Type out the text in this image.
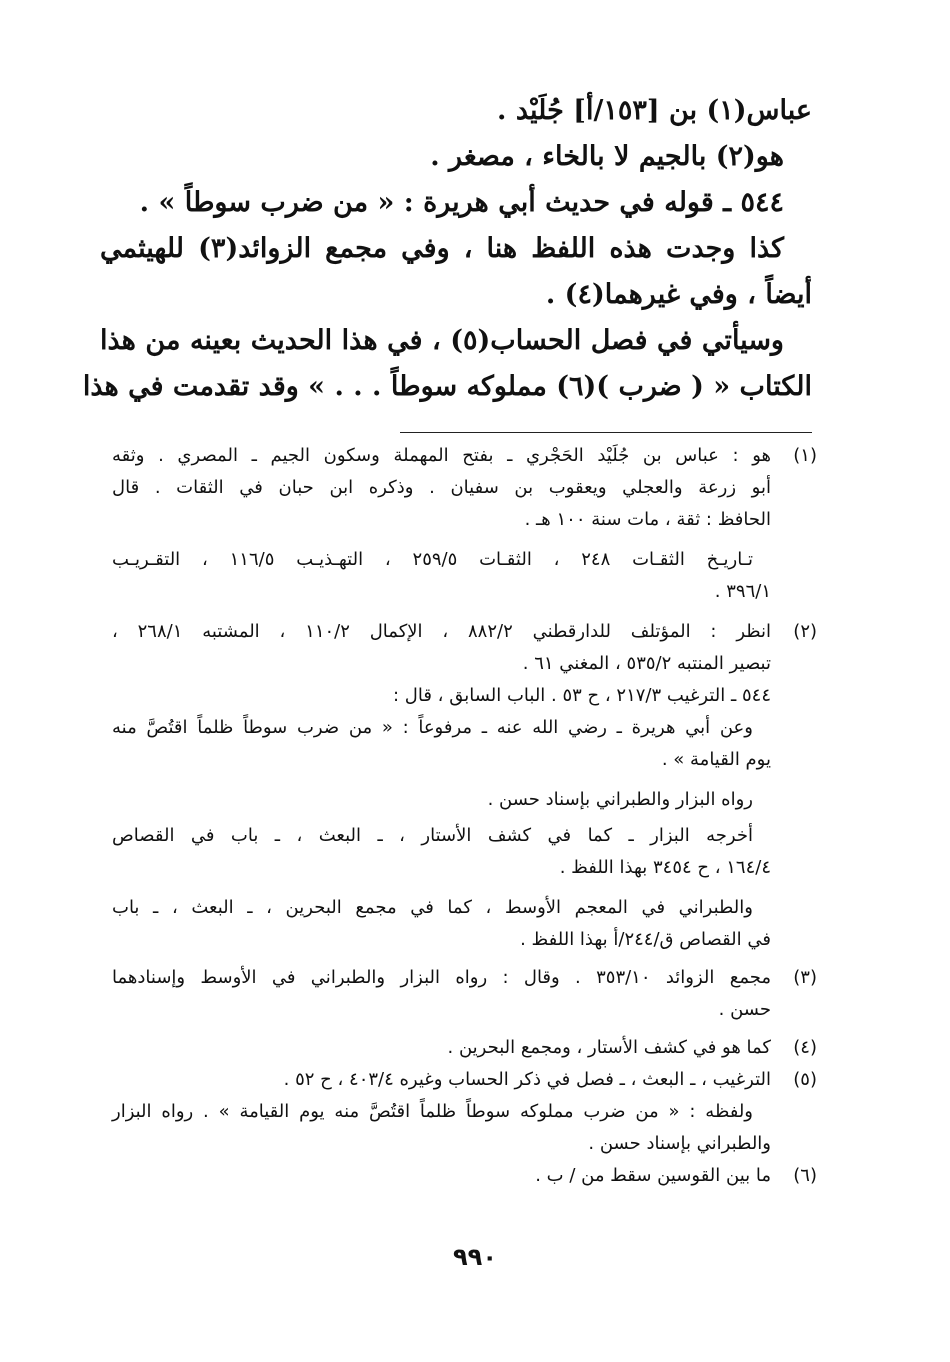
عباس(١) بن [١٥٣/أ] جُلَيْد .
هو(٢) بالجيم لا بالخاء ، مصغر .
٥٤٤ ـ قوله في حديث أبي هريرة : « من ضرب سوطاً » .
كذا وجدت هذه اللفظ هنا ، وفي مجمع الزوائد(٣) للهيثمي
أيضاً ، وفي غيرهما(٤) .
وسيأتي في فصل الحساب(٥) ، في هذا الحديث بعينه من هذا
الكتاب « ( ضرب )(٦) مملوكه سوطاً . . . » وقد تقدمت في هذا
(١)هو : عباس بن جُلَيْد الحَجْري ـ بفتح المهملة وسكون الجيم ـ المصري . وثقه
أبو زرعة والعجلي ويعقوب بن سفيان . وذكره ابن حبان في الثقات . قال
الحافظ : ثقة ، مات سنة ١٠٠ هـ .
تـاريـخ الثقـات ٢٤٨ ، الثقـات ٢٥٩/٥ ، التهـذيـب ١١٦/٥ ، التقـريـب
٣٩٦/١ .
(٢)انظر : المؤتلف للدارقطني ٨٨٢/٢ ، الإكمال ١١٠/٢ ، المشتبه ٢٦٨/١ ،
تبصير المنتبه ٥٣٥/٢ ، المغني ٦١ .
٥٤٤ ـ الترغيب ٢١٧/٣ ، ح ٥٣ . الباب السابق ، قال :
وعن أبي هريرة ـ رضي الله عنه ـ مرفوعاً : « من ضرب سوطاً ظلماً اقتُصَّ منه
يوم القيامة » .
رواه البزار والطبراني بإسناد حسن .
أخرجه البزار ـ كما في كشف الأستار ، ـ البعث ، ـ باب في القصاص
١٦٤/٤ ، ح ٣٤٥٤ بهذا اللفظ .
والطبراني في المعجم الأوسط ، كما في مجمع البحرين ، ـ البعث ، ـ باب
في القصاص ق/٢٤٤/أ بهذا اللفظ .
(٣)مجمع الزوائد ٣٥٣/١٠ . وقال : رواه البزار والطبراني في الأوسط وإسنادهما
حسن .
(٤)كما هو في كشف الأستار ، ومجمع البحرين .
(٥)الترغيب ، ـ البعث ، ـ فصل في ذكر الحساب وغيره ٤٠٣/٤ ، ح ٥٢ .
ولفظه : « من ضرب مملوكه سوطاً ظلماً اقتُصَّ منه يوم القيامة » . رواه البزار
والطبراني بإسناد حسن .
(٦)ما بين القوسين سقط من / ب .
٩٩٠
